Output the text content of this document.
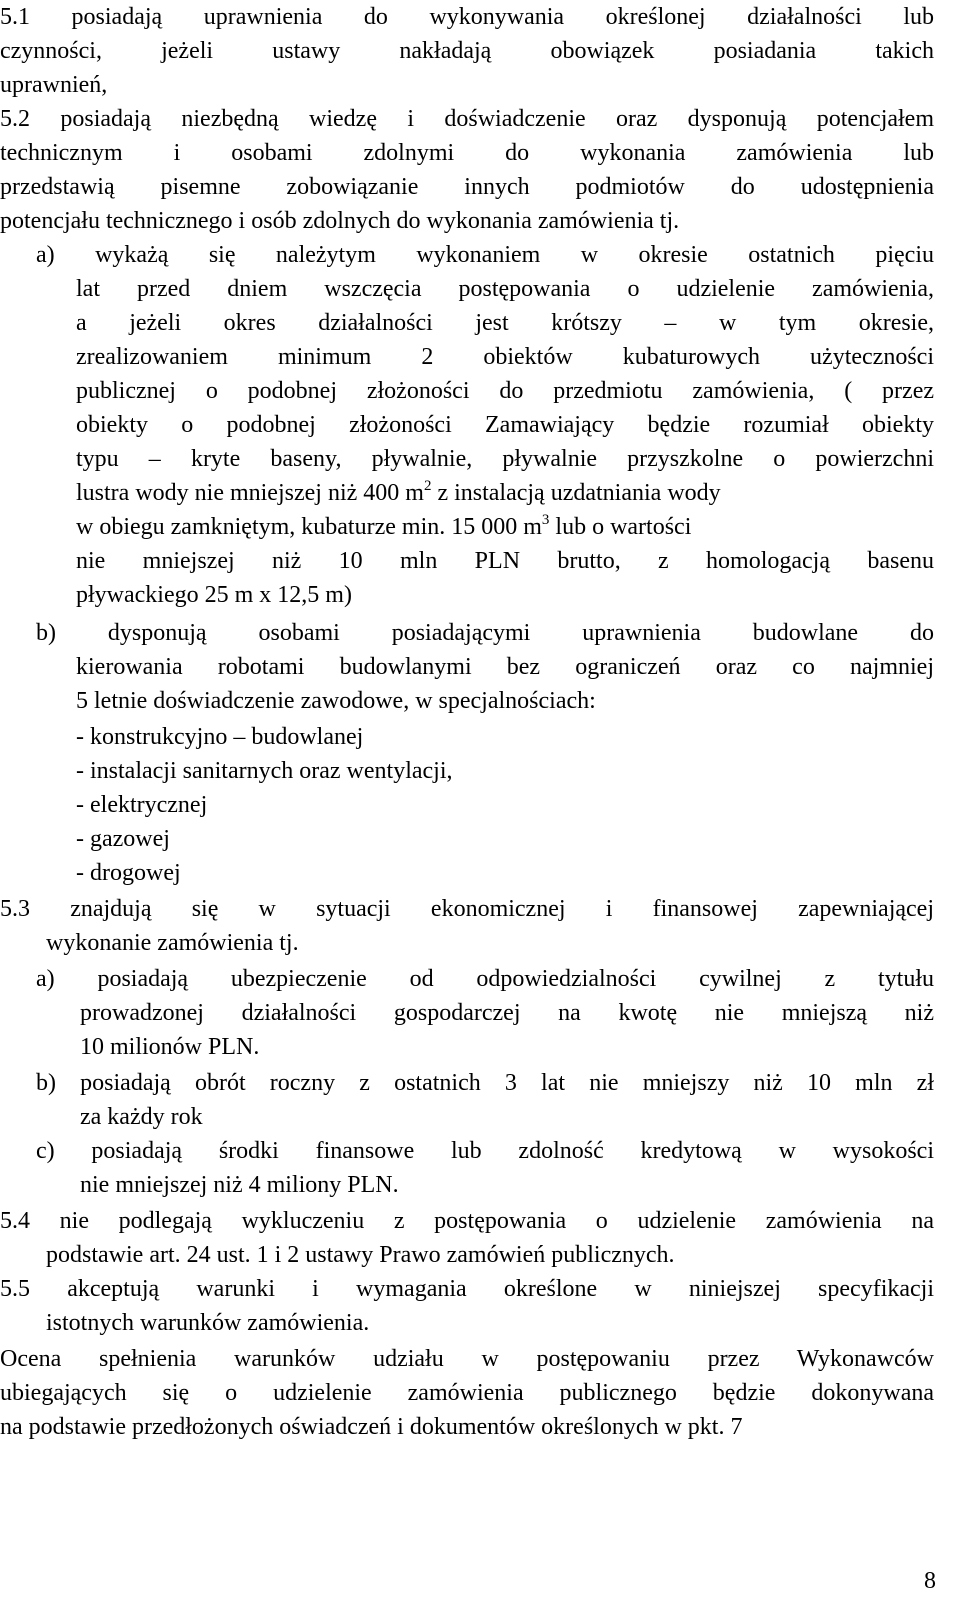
5.1 posiadają uprawnienia do wykonywania określonej działalności lub
czynności, jeżeli ustawy nakładają obowiązek posiadania takich
uprawnień,
5.2 posiadają niezbędną wiedzę i doświadczenie oraz dysponują potencjałem
technicznym i osobami zdolnymi do wykonania zamówienia lub
przedstawią pisemne zobowiązanie innych podmiotów do udostępnienia
potencjału technicznego i osób zdolnych do wykonania zamówienia tj.
a) wykażą się należytym wykonaniem w okresie ostatnich pięciu
lat przed dniem wszczęcia postępowania o udzielenie zamówienia,
a jeżeli okres działalności jest krótszy – w tym okresie,
zrealizowaniem minimum 2 obiektów kubaturowych użyteczności
publicznej o podobnej złożoności do przedmiotu zamówienia, ( przez
obiekty o podobnej złożoności Zamawiający będzie rozumiał obiekty
typu – kryte baseny, pływalnie, pływalnie przyszkolne o powierzchni
lustra wody nie mniejszej niż 400 $m^2$ z instalacją uzdatniania wody
w obiegu zamkniętym, kubaturze min. 15 000 $m^3$ lub o wartości
nie mniejszej niż 10 mln PLN brutto, z homologacją basenu
pływackiego 25 m x 12,5 m)
b) dysponują osobami posiadającymi uprawnienia budowlane do
kierowania robotami budowlanymi bez ograniczeń oraz co najmniej
5 letnie doświadczenie zawodowe, w specjalnościach:
- konstrukcyjno – budowlanej
- instalacji sanitarnych oraz wentylacji,
- elektrycznej
- gazowej
- drogowej
5.3 znajdują się w sytuacji ekonomicznej i finansowej zapewniającej
wykonanie zamówienia tj.
a) posiadają ubezpieczenie od odpowiedzialności cywilnej z tytułu
prowadzonej działalności gospodarczej na kwotę nie mniejszą niż
10 milionów PLN.
b) posiadają obrót roczny z ostatnich 3 lat nie mniejszy niż 10 mln zł
za każdy rok
c) posiadają środki finansowe lub zdolność kredytową w wysokości
nie mniejszej niż 4 miliony PLN.
5.4 nie podlegają wykluczeniu z postępowania o udzielenie zamówienia na
podstawie art. 24 ust. 1 i 2 ustawy Prawo zamówień publicznych.
5.5 akceptują warunki i wymagania określone w niniejszej specyfikacji
istotnych warunków zamówienia.
Ocena spełnienia warunków udziału w postępowaniu przez Wykonawców
ubiegających się o udzielenie zamówienia publicznego będzie dokonywana
na podstawie przedłożonych oświadczeń i dokumentów określonych w pkt. 7
8
